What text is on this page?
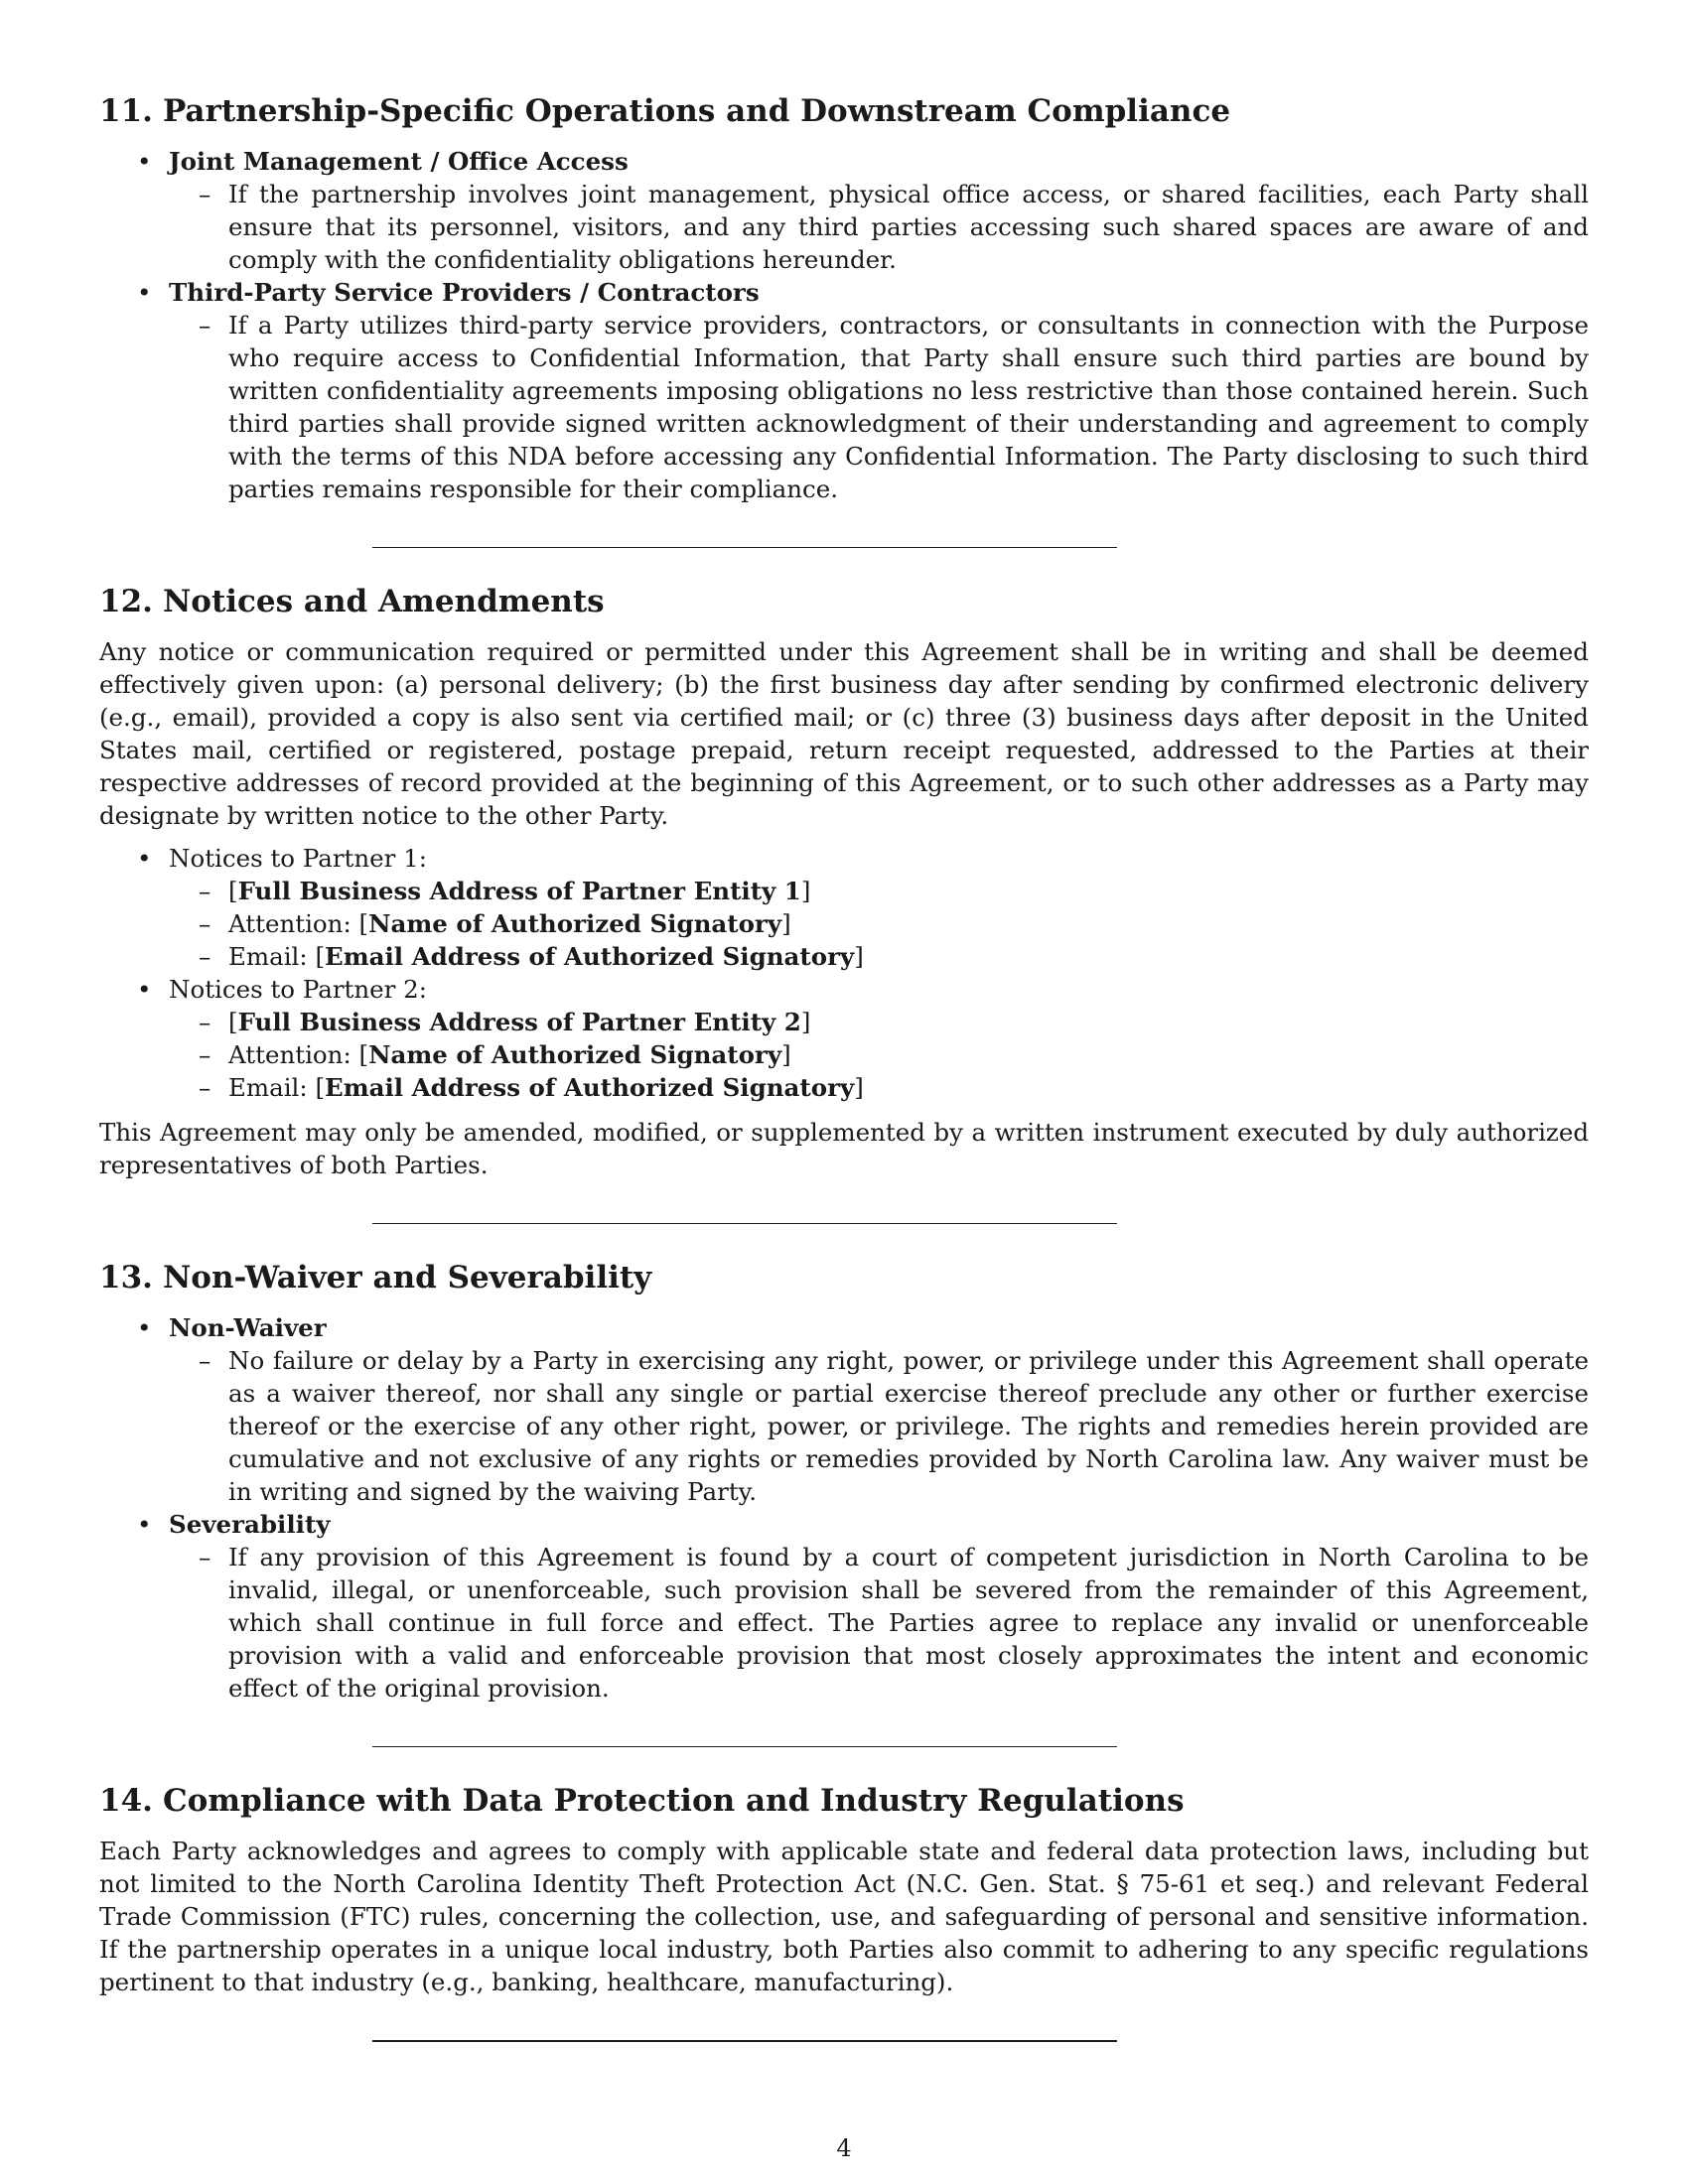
11. Partnership-Specific Operations and Downstream Compliance
• Joint Management / Office Access
– If the partnership involves joint management, physical office access, or shared facilities, each Party shall ensure that its personnel, visitors, and any third parties accessing such shared spaces are aware of and comply with the confidentiality obligations hereunder.
• Third-Party Service Providers / Contractors
– If a Party utilizes third-party service providers, contractors, or consultants in connection with the Purpose who require access to Confidential Information, that Party shall ensure such third parties are bound by written confidentiality agreements imposing obligations no less restrictive than those contained herein. Such third parties shall provide signed written acknowledgment of their understanding and agreement to comply with the terms of this NDA before accessing any Confidential Information. The Party disclosing to such third parties remains responsible for their compliance.
12. Notices and Amendments

Any notice or communication required or permitted under this Agreement shall be in writing and shall be deemed effectively given upon: (a) personal delivery; (b) the first business day after sending by confirmed electronic delivery (e.g., email), provided a copy is also sent via certified mail; or (c) three (3) business days after deposit in the United States mail, certified or registered, postage prepaid, return receipt requested, addressed to the Parties at their respective addresses of record provided at the beginning of this Agreement, or to such other addresses as a Party may designate by written notice to the other Party.

• Notices to Partner 1:
– [Full Business Address of Partner Entity 1]
– Attention: [Name of Authorized Signatory]
– Email: [Email Address of Authorized Signatory]
• Notices to Partner 2:
– [Full Business Address of Partner Entity 2]
– Attention: [Name of Authorized Signatory]
– Email: [Email Address of Authorized Signatory]

This Agreement may only be amended, modified, or supplemented by a written instrument executed by duly authorized representatives of both Parties.

13. Non-Waiver and Severability
• Non-Waiver
– No failure or delay by a Party in exercising any right, power, or privilege under this Agreement shall operate as a waiver thereof, nor shall any single or partial exercise thereof preclude any other or further exercise thereof or the exercise of any other right, power, or privilege. The rights and remedies herein provided are cumulative and not exclusive of any rights or remedies provided by North Carolina law. Any waiver must be in writing and signed by the waiving Party.
• Severability
– If any provision of this Agreement is found by a court of competent jurisdiction in North Carolina to be invalid, illegal, or unenforceable, such provision shall be severed from the remainder of this Agreement, which shall continue in full force and effect. The Parties agree to replace any invalid or unenforceable provision with a valid and enforceable provision that most closely approximates the intent and economic effect of the original provision.
14. Compliance with Data Protection and Industry Regulations

Each Party acknowledges and agrees to comply with applicable state and federal data protection laws, including but not limited to the North Carolina Identity Theft Protection Act (N.C. Gen. Stat. § 75-61 et seq.) and relevant Federal Trade Commission (FTC) rules, concerning the collection, use, and safeguarding of personal and sensitive information. If the partnership operates in a unique local industry, both Parties also commit to adhering to any specific regulations pertinent to that industry (e.g., banking, healthcare, manufacturing).

4
